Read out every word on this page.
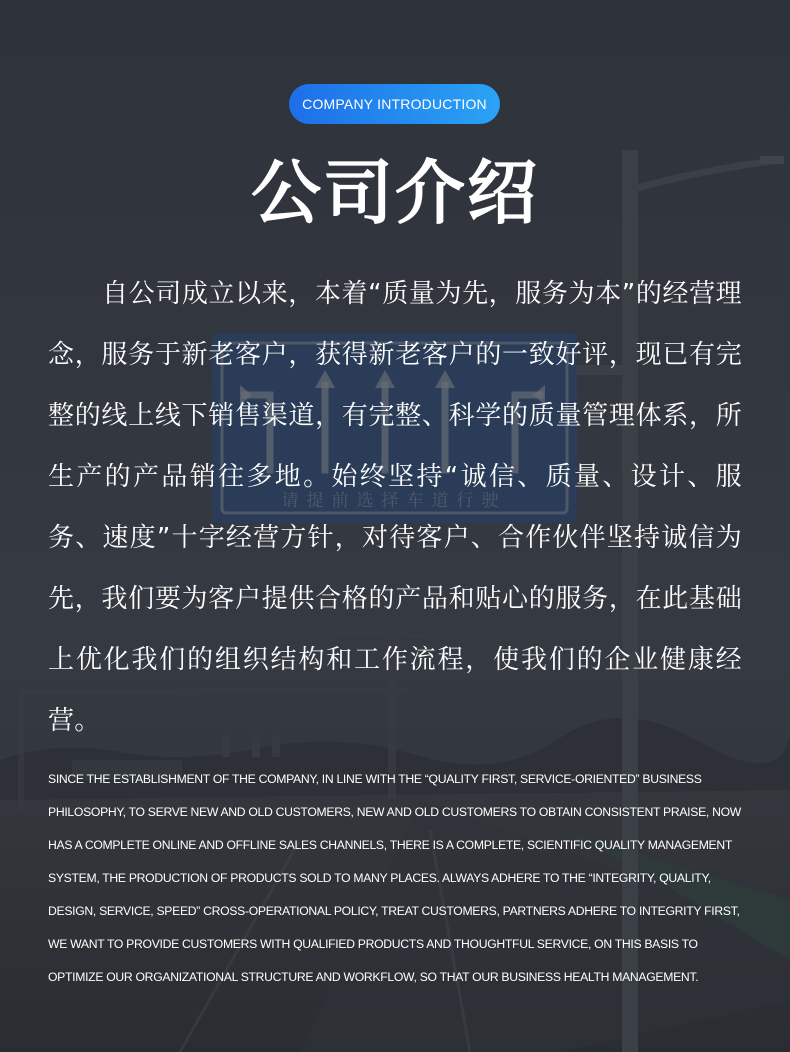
COMPANY INTRODUCTION
公司介绍
自公司成立以来，本着“质量为先，服务为本”的经营理念，服务于新老客户，获得新老客户的一致好评，现已有完整的线上线下销售渠道，有完整、科学的质量管理体系，所生产的产品销往多地。始终坚持“诚信、质量、设计、服务、速度”十字经营方针，对待客户、合作伙伴坚持诚信为先，我们要为客户提供合格的产品和贴心的服务，在此基础上优化我们的组织结构和工作流程，使我们的企业健康经营。
SINCE THE ESTABLISHMENT OF THE COMPANY, IN LINE WITH THE “QUALITY FIRST, SERVICE-ORIENTED” BUSINESS PHILOSOPHY, TO SERVE NEW AND OLD CUSTOMERS, NEW AND OLD CUSTOMERS TO OBTAIN CONSISTENT PRAISE, NOW HAS A COMPLETE ONLINE AND OFFLINE SALES CHANNELS, THERE IS A COMPLETE, SCIENTIFIC QUALITY MANAGEMENT SYSTEM, THE PRODUCTION OF PRODUCTS SOLD TO MANY PLACES. ALWAYS ADHERE TO THE “INTEGRITY, QUALITY, DESIGN, SERVICE, SPEED” CROSS-OPERATIONAL POLICY, TREAT CUSTOMERS, PARTNERS ADHERE TO INTEGRITY FIRST, WE WANT TO PROVIDE CUSTOMERS WITH QUALIFIED PRODUCTS AND THOUGHTFUL SERVICE, ON THIS BASIS TO OPTIMIZE OUR ORGANIZATIONAL STRUCTURE AND WORKFLOW, SO THAT OUR BUSINESS HEALTH MANAGEMENT.
